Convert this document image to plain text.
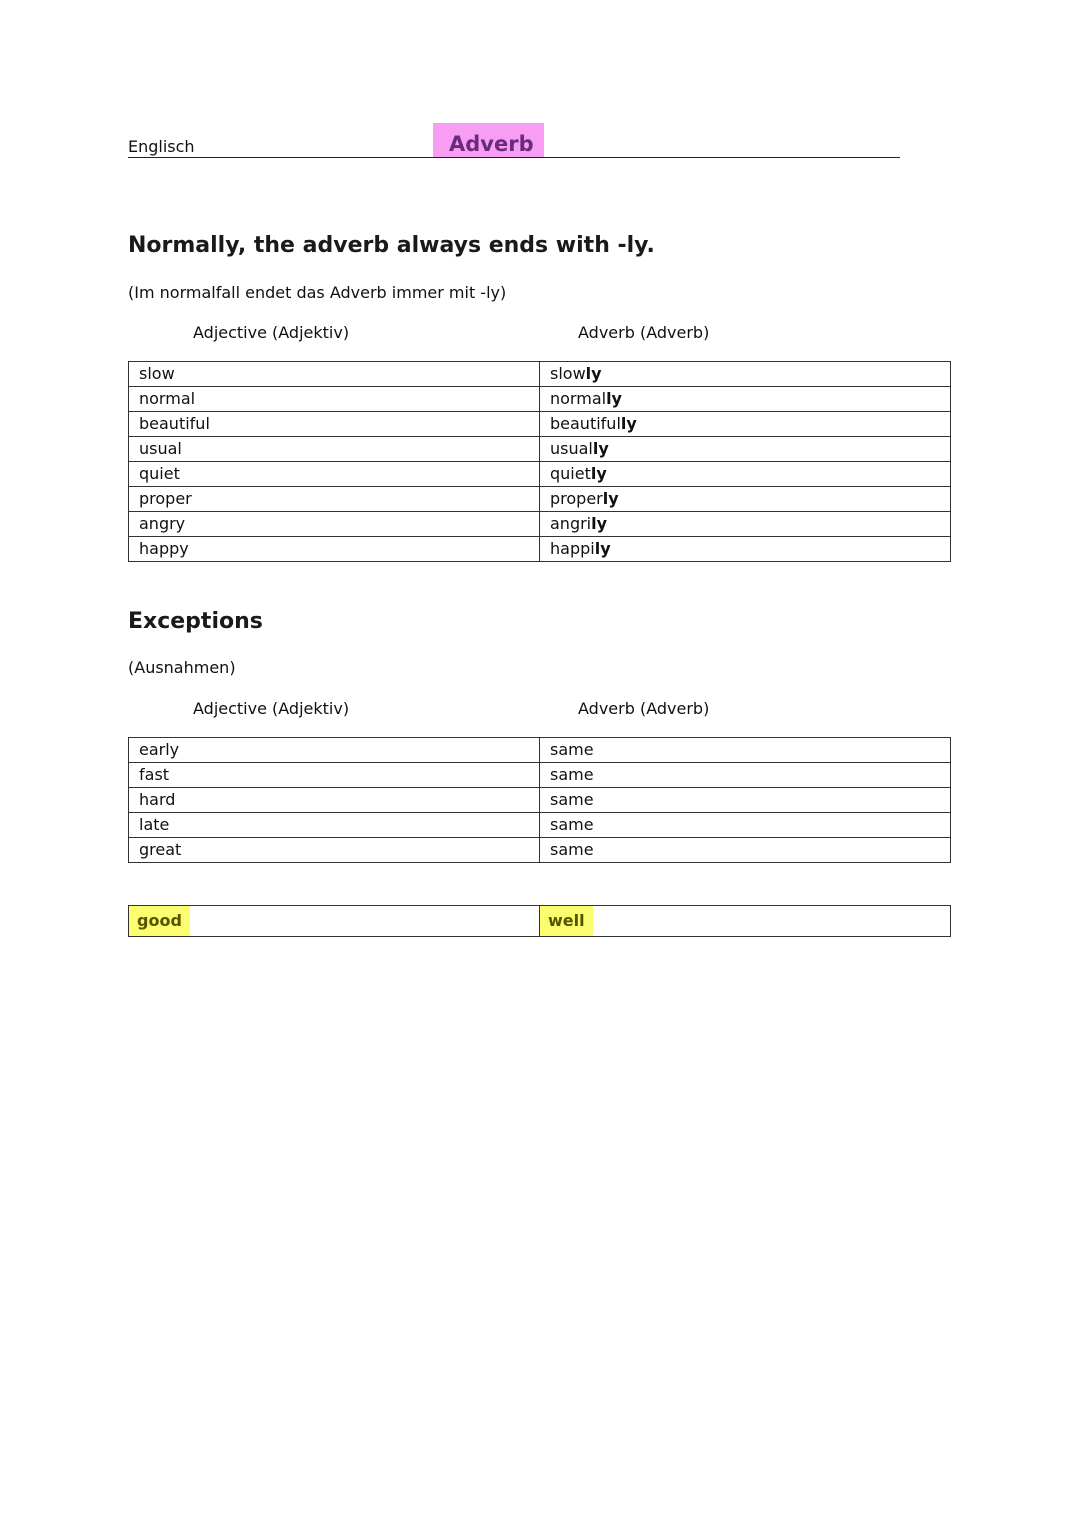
Englisch	Adverb
Normally, the adverb always ends with -ly.
(Im normalfall endet das Adverb immer mit -ly)
Adjective (Adjektiv)	Adverb (Adverb)
slow	slowly
normal	normally
beautiful	beautifully
usual	usually
quiet	quietly
proper	properly
angry	angrily
happy	happily
Exceptions
(Ausnahmen)
Adjective (Adjektiv)	Adverb (Adverb)
early	same
fast	same
hard	same
late	same
great	same
good	well
